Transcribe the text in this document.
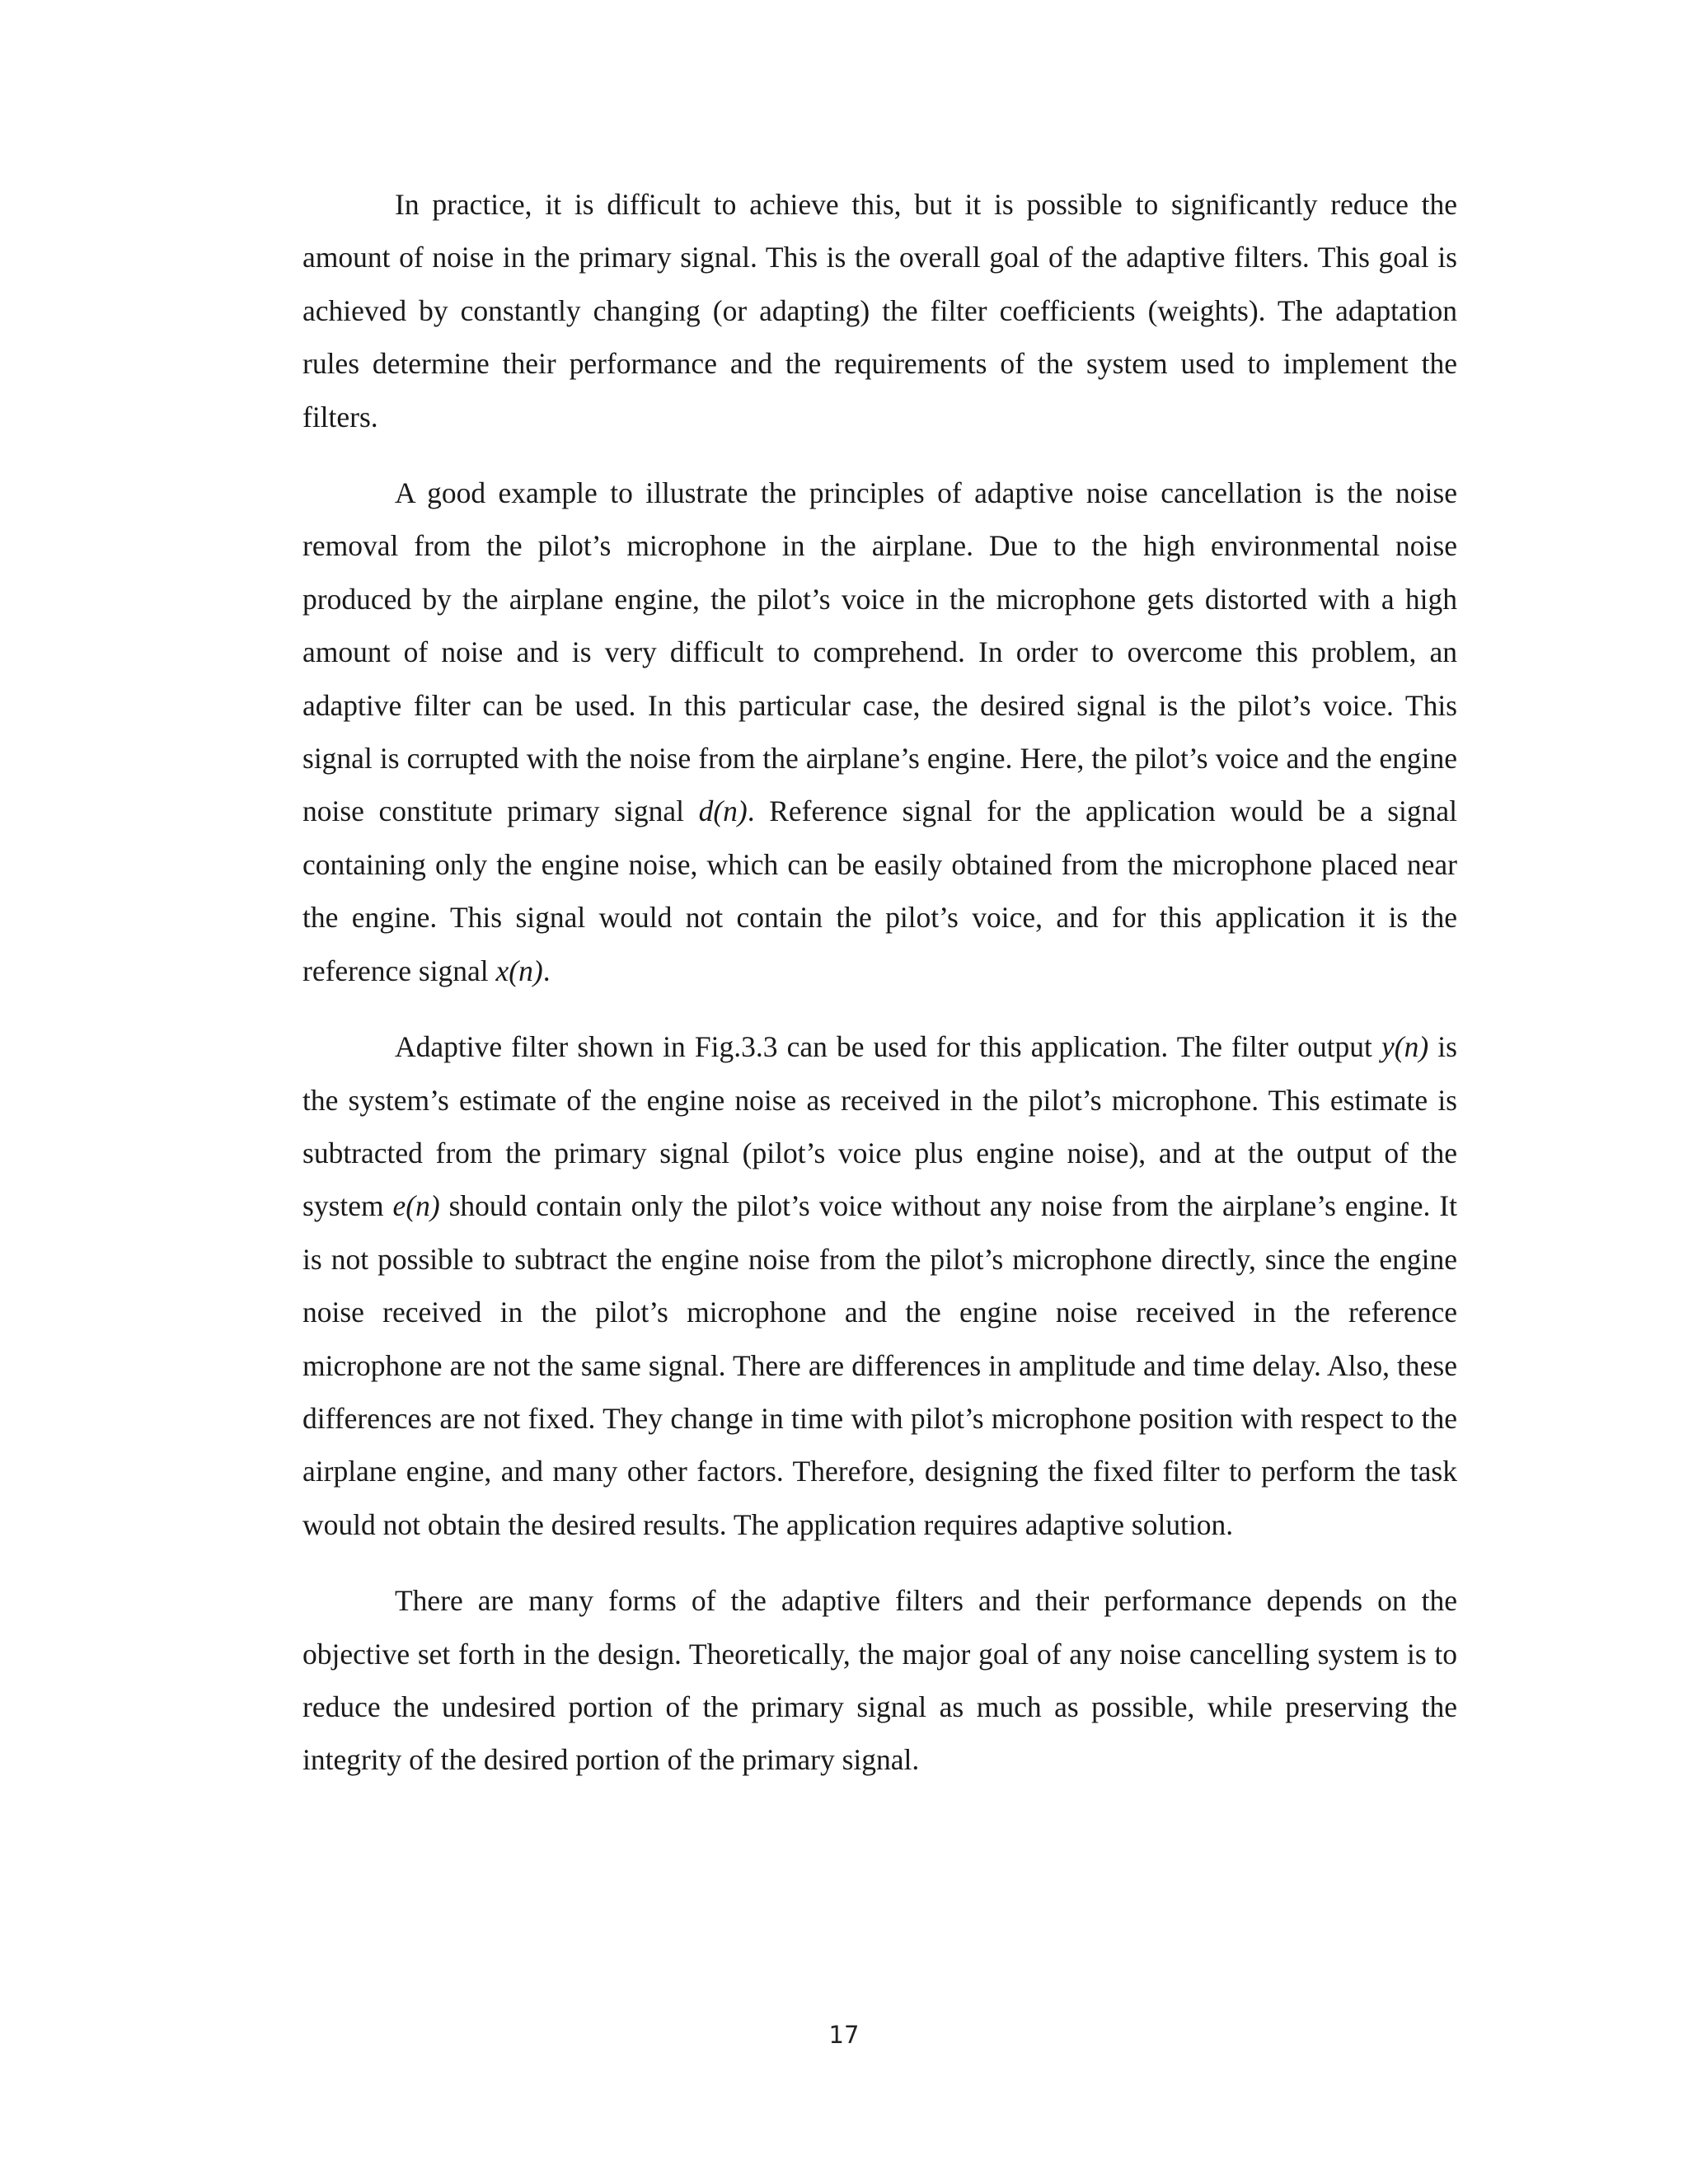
In practice, it is difficult to achieve this, but it is possible to significantly reduce the amount of noise in the primary signal. This is the overall goal of the adaptive filters. This goal is achieved by constantly changing (or adapting) the filter coefficients (weights). The adaptation rules determine their performance and the requirements of the system used to implement the filters.

A good example to illustrate the principles of adaptive noise cancellation is the noise removal from the pilot’s microphone in the airplane. Due to the high environmental noise produced by the airplane engine, the pilot’s voice in the microphone gets distorted with a high amount of noise and is very difficult to comprehend. In order to overcome this problem, an adaptive filter can be used. In this particular case, the desired signal is the pilot’s voice. This signal is corrupted with the noise from the airplane’s engine. Here, the pilot’s voice and the engine noise constitute primary signal d(n). Reference signal for the application would be a signal containing only the engine noise, which can be easily obtained from the microphone placed near the engine. This signal would not contain the pilot’s voice, and for this application it is the reference signal x(n).

Adaptive filter shown in Fig.3.3 can be used for this application. The filter output y(n) is the system’s estimate of the engine noise as received in the pilot’s microphone. This estimate is subtracted from the primary signal (pilot’s voice plus engine noise), and at the output of the system e(n) should contain only the pilot’s voice without any noise from the airplane’s engine. It is not possible to subtract the engine noise from the pilot’s microphone directly, since the engine noise received in the pilot’s microphone and the engine noise received in the reference microphone are not the same signal. There are differences in amplitude and time delay. Also, these differences are not fixed. They change in time with pilot’s microphone position with respect to the airplane engine, and many other factors. Therefore, designing the fixed filter to perform the task would not obtain the desired results. The application requires adaptive solution.

There are many forms of the adaptive filters and their performance depends on the objective set forth in the design. Theoretically, the major goal of any noise cancelling system is to reduce the undesired portion of the primary signal as much as possible, while preserving the integrity of the desired portion of the primary signal.

17
